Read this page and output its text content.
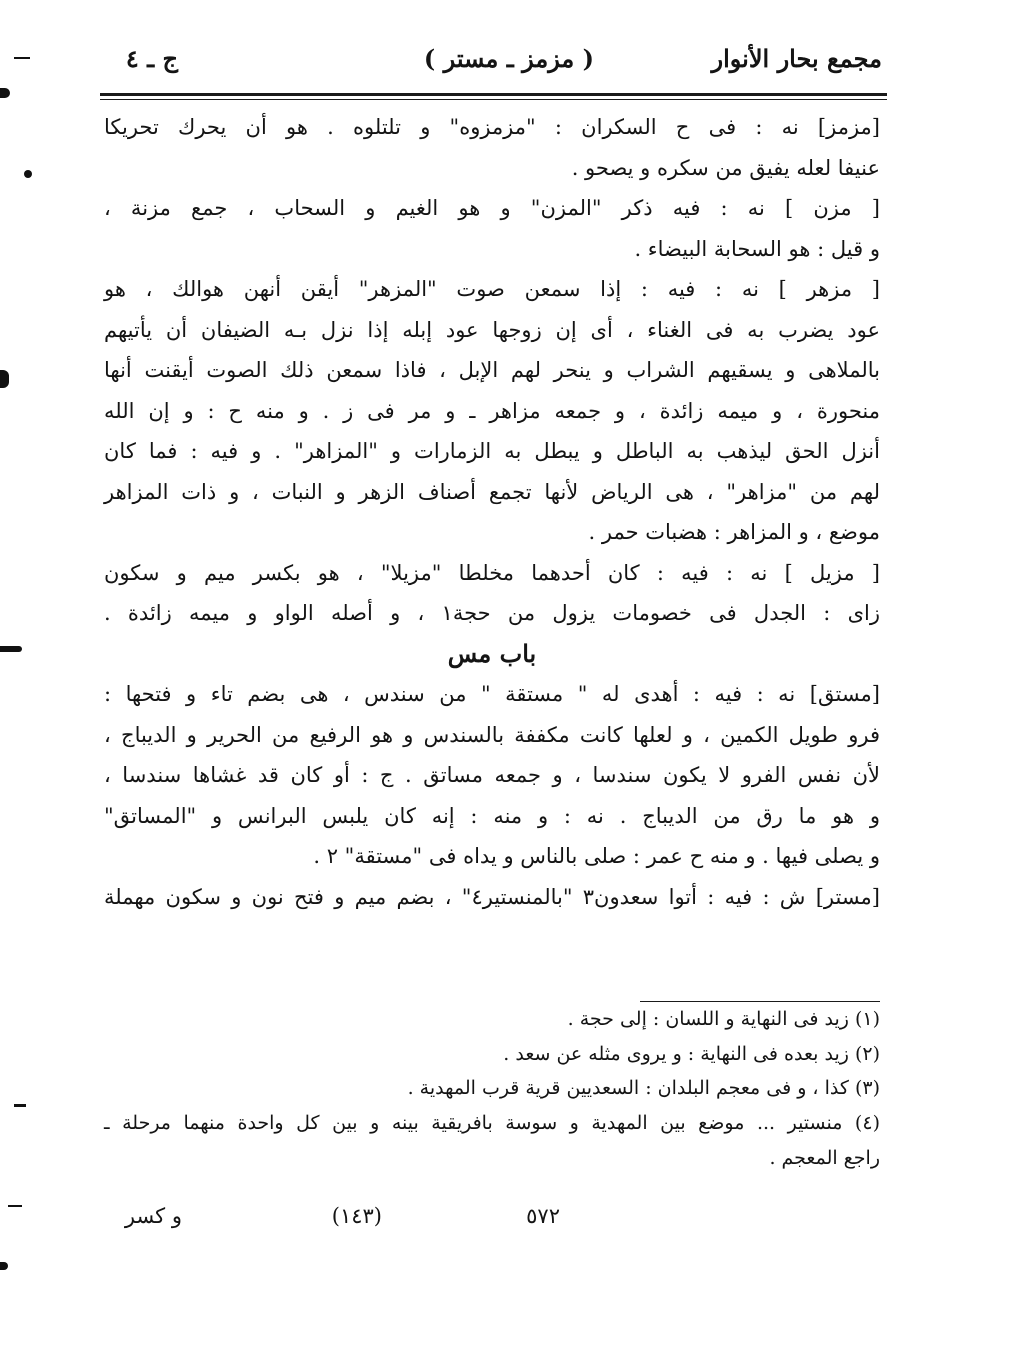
مجمع بحار الأنوار
( مزمز ـ مستر )
ج ـ ٤
[مزمز] نه : فى ح السكران : "مزمزوه" و تلتلوه . هو أن يحرك تحريكا
عنيفا لعله يفيق من سكره و يصحو .
[ مزن ] نه : فيه ذكر "المزن" و هو الغيم و السحاب ، جمع مزنة ،
و قيل : هو السحابة البيضاء .
[ مزهر ] نه : فيه : إذا سمعن صوت "المزهر" أيقن أنهن هوالك ، هو
عود يضرب به فى الغناء ، أى إن زوجها عود إبله إذا نزل بـه الضيفان أن يأتيهم
بالملاهى و يسقيهم الشراب و ينحر لهم الإبل ، فاذا سمعن ذلك الصوت أيقنت أنها
منحورة ، و ميمه زائدة ، و جمعه مزاهر ـ و مر فى ز . و منه ح : و إن الله
أنزل الحق ليذهب به الباطل و يبطل به الزمارات و "المزاهر" . و فيه : فما كان
لهم من "مزاهر" ، هى الرياض لأنها تجمع أصناف الزهر و النبات ، و ذات المزاهر
موضع ، و المزاهر : هضبات حمر .
[ مزيل ] نه : فيه : كان أحدهما مخلطا "مزيلا" ، هو بكسر ميم و سكون
زاى : الجدل فى خصومات يزول من حجة١ ، و أصله الواو و ميمه زائدة .
باب مس
[مستق] نه : فيه : أهدى له " مستقة " من سندس ، هى بضم تاء و فتحها :
فرو طويل الكمين ، و لعلها كانت مكففة بالسندس و هو الرفيع من الحرير و الديباج ،
لأن نفس الفرو لا يكون سندسا ، و جمعه مساتق . ج : أو كان قد غشاها سندسا ،
و هو ما رق من الديباج . نه : و منه : إنه كان يلبس البرانس و "المساتق"
و يصلى فيها . و منه ح عمر : صلى بالناس و يداه فى "مستقة" ٢ .
[مستر] ش : فيه : أتوا سعدون٣ "بالمنستير٤" ، بضم ميم و فتح نون و سكون مهملة
(١) زيد فى النهاية و اللسان : إلى حجة .
(٢) زيد بعده فى النهاية : و يروى مثله عن سعد .
(٣) كذا ، و فى معجم البلدان : السعديين قرية قرب المهدية .
(٤) منستير ... موضع بين المهدية و سوسة بافريقية بينه و بين كل واحدة منهما مرحلة ـ
راجع المعجم .
٥٧٢
(١٤٣)
و كسر
